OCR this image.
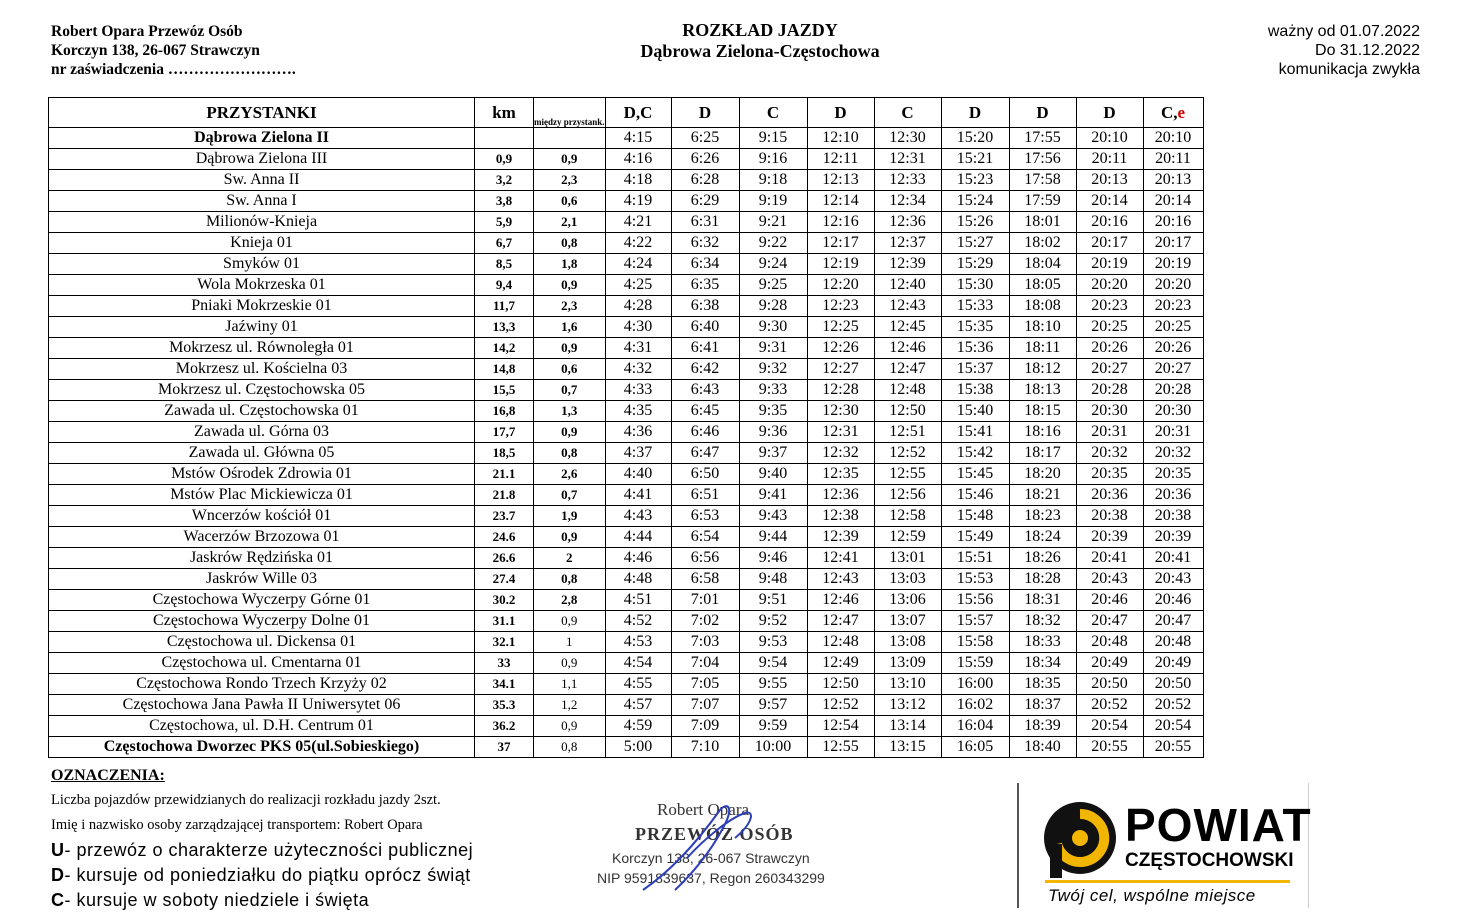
Robert Opara Przewóz Osób
Korczyn 138, 26-067 Strawczyn
nr zaświadczenia …………………….
ROZKŁAD JAZDY
Dąbrowa Zielona-Częstochowa
ważny od 01.07.2022
Do 31.12.2022
komunikacja zwykła
PRZYSTANKI	km	między przystank.	D,C	D	C	D	C	D	D	D	C,e
Dąbrowa Zielona II			4:15	6:25	9:15	12:10	12:30	15:20	17:55	20:10	20:10
Dąbrowa Zielona III	0,9	0,9	4:16	6:26	9:16	12:11	12:31	15:21	17:56	20:11	20:11
Sw. Anna II	3,2	2,3	4:18	6:28	9:18	12:13	12:33	15:23	17:58	20:13	20:13
Sw. Anna I	3,8	0,6	4:19	6:29	9:19	12:14	12:34	15:24	17:59	20:14	20:14
Milionów-Knieja	5,9	2,1	4:21	6:31	9:21	12:16	12:36	15:26	18:01	20:16	20:16
Knieja 01	6,7	0,8	4:22	6:32	9:22	12:17	12:37	15:27	18:02	20:17	20:17
Smyków 01	8,5	1,8	4:24	6:34	9:24	12:19	12:39	15:29	18:04	20:19	20:19
Wola Mokrzeska 01	9,4	0,9	4:25	6:35	9:25	12:20	12:40	15:30	18:05	20:20	20:20
Pniaki Mokrzeskie 01	11,7	2,3	4:28	6:38	9:28	12:23	12:43	15:33	18:08	20:23	20:23
Jaźwiny 01	13,3	1,6	4:30	6:40	9:30	12:25	12:45	15:35	18:10	20:25	20:25
Mokrzesz ul. Równoległa 01	14,2	0,9	4:31	6:41	9:31	12:26	12:46	15:36	18:11	20:26	20:26
Mokrzesz ul. Kościelna 03	14,8	0,6	4:32	6:42	9:32	12:27	12:47	15:37	18:12	20:27	20:27
Mokrzesz ul. Częstochowska 05	15,5	0,7	4:33	6:43	9:33	12:28	12:48	15:38	18:13	20:28	20:28
Zawada ul. Częstochowska 01	16,8	1,3	4:35	6:45	9:35	12:30	12:50	15:40	18:15	20:30	20:30
Zawada ul. Górna 03	17,7	0,9	4:36	6:46	9:36	12:31	12:51	15:41	18:16	20:31	20:31
Zawada ul. Główna 05	18,5	0,8	4:37	6:47	9:37	12:32	12:52	15:42	18:17	20:32	20:32
Mstów Ośrodek Zdrowia 01	21.1	2,6	4:40	6:50	9:40	12:35	12:55	15:45	18:20	20:35	20:35
Mstów Plac Mickiewicza 01	21.8	0,7	4:41	6:51	9:41	12:36	12:56	15:46	18:21	20:36	20:36
Wncerzów kościół 01	23.7	1,9	4:43	6:53	9:43	12:38	12:58	15:48	18:23	20:38	20:38
Wacerzów Brzozowa 01	24.6	0,9	4:44	6:54	9:44	12:39	12:59	15:49	18:24	20:39	20:39
Jaskrów Rędzińska 01	26.6	2	4:46	6:56	9:46	12:41	13:01	15:51	18:26	20:41	20:41
Jaskrów Wille 03	27.4	0,8	4:48	6:58	9:48	12:43	13:03	15:53	18:28	20:43	20:43
Częstochowa Wyczerpy Górne 01	30.2	2,8	4:51	7:01	9:51	12:46	13:06	15:56	18:31	20:46	20:46
Częstochowa Wyczerpy Dolne 01	31.1	0,9	4:52	7:02	9:52	12:47	13:07	15:57	18:32	20:47	20:47
Częstochowa ul. Dickensa 01	32.1	1	4:53	7:03	9:53	12:48	13:08	15:58	18:33	20:48	20:48
Częstochowa ul. Cmentarna 01	33	0,9	4:54	7:04	9:54	12:49	13:09	15:59	18:34	20:49	20:49
Częstochowa Rondo Trzech Krzyży 02	34.1	1,1	4:55	7:05	9:55	12:50	13:10	16:00	18:35	20:50	20:50
Częstochowa Jana Pawła II Uniwersytet 06	35.3	1,2	4:57	7:07	9:57	12:52	13:12	16:02	18:37	20:52	20:52
Częstochowa, ul. D.H. Centrum 01	36.2	0,9	4:59	7:09	9:59	12:54	13:14	16:04	18:39	20:54	20:54
Częstochowa Dworzec PKS 05(ul.Sobieskiego)	37	0,8	5:00	7:10	10:00	12:55	13:15	16:05	18:40	20:55	20:55
OZNACZENIA:
Liczba pojazdów przewidzianych do realizacji rozkładu jazdy 2szt.
Imię i nazwisko osoby zarządzającej transportem: Robert Opara
U- przewóz o charakterze użyteczności publicznej
D- kursuje od poniedziałku do piątku oprócz świąt
C- kursuje w soboty niedziele i święta
Robert Opara
PRZEWÓZ OSÓB
Korczyn 138, 26-067 Strawczyn
NIP 9591839637, Regon 260343299
POWIAT
CZĘSTOCHOWSKI
Twój cel, wspólne miejsce
